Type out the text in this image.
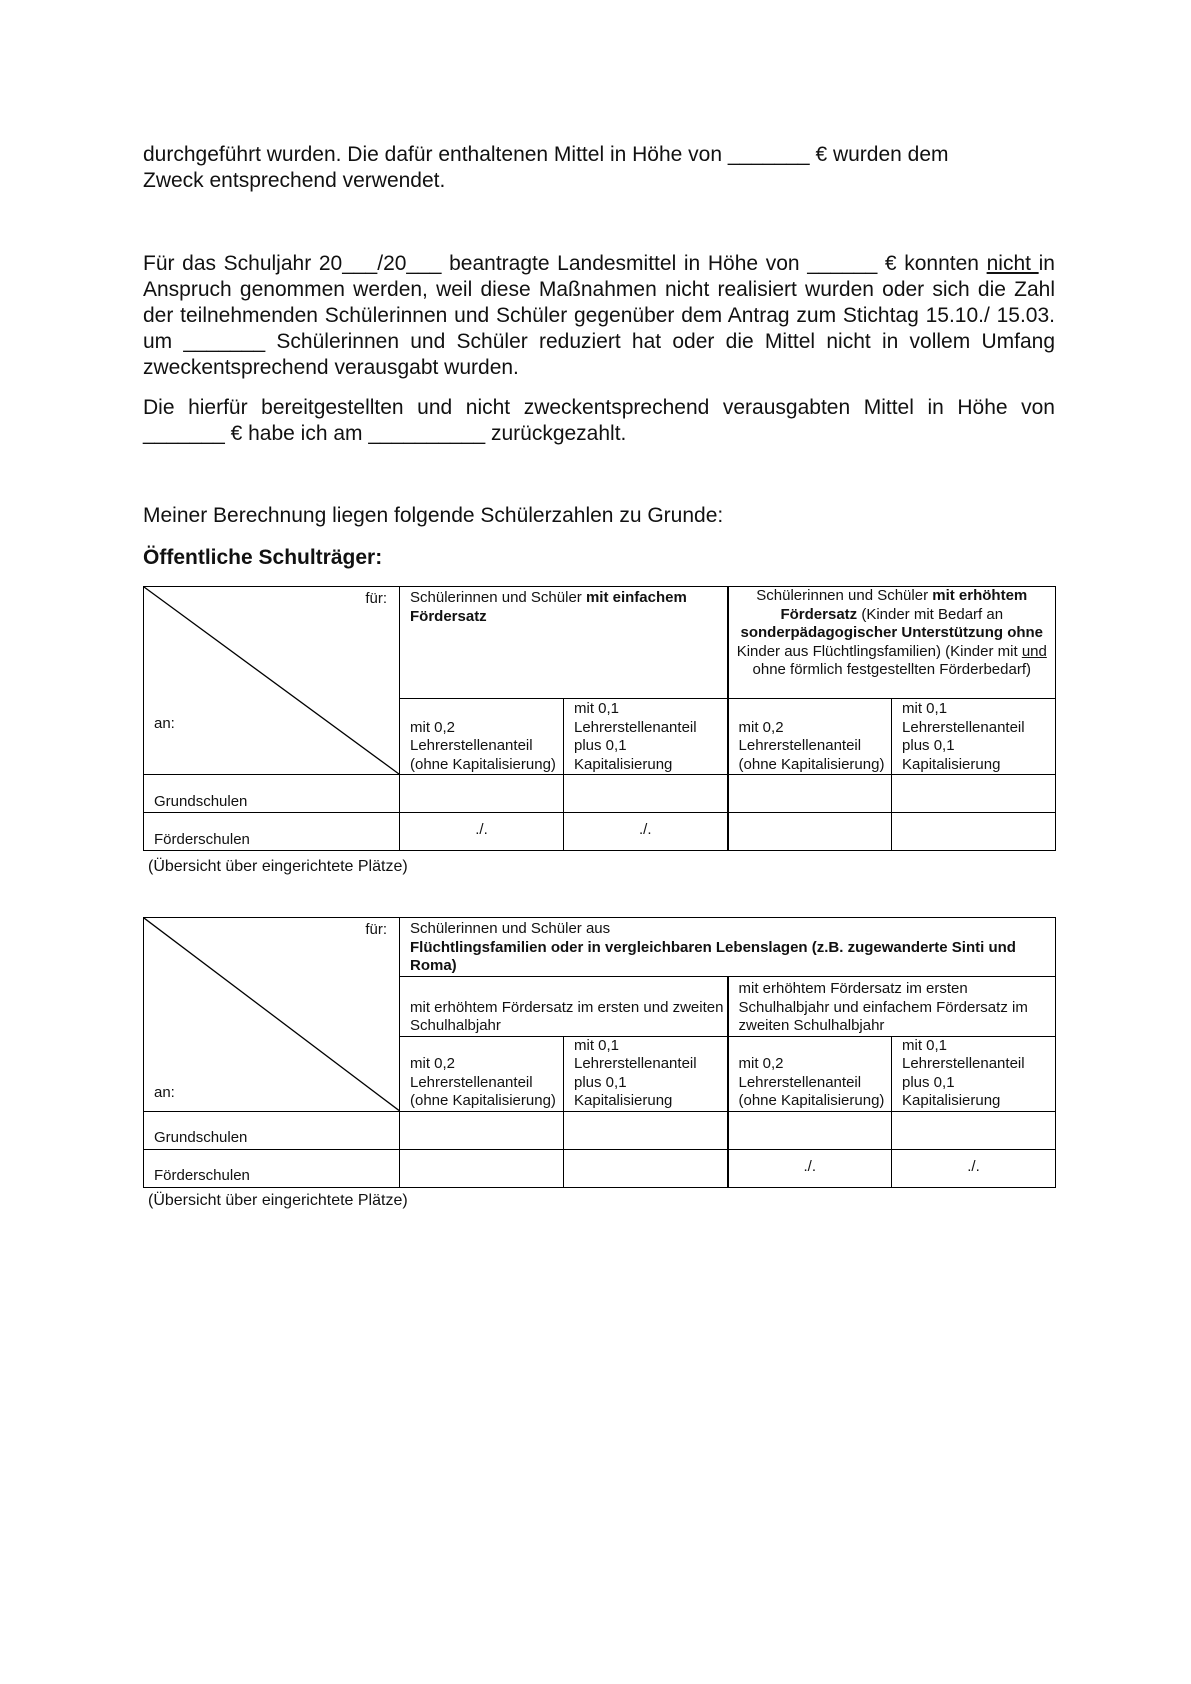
durchgeführt wurden. Die dafür enthaltenen Mittel in Höhe von _______ € wurden dem
Zweck entsprechend verwendet.

Für das Schuljahr 20___/20___ beantragte Landesmittel in Höhe von ______ € konnten nicht in Anspruch genommen werden, weil diese Maßnahmen nicht realisiert wurden oder sich die Zahl der teilnehmenden Schülerinnen und Schüler gegenüber dem Antrag zum Stichtag 15.10./ 15.03. um _______ Schülerinnen und Schüler reduziert hat oder die Mittel nicht in vollem Umfang zweckentsprechend verausgabt wurden.

Die hierfür bereitgestellten und nicht zweckentsprechend verausgabten Mittel in Höhe von _______ € habe ich am __________ zurückgezahlt.

Meiner Berechnung liegen folgende Schülerzahlen zu Grunde:

Öffentliche Schulträger:

für:
an:	Schülerinnen und Schüler mit einfachem Fördersatz		Schülerinnen und Schüler mit erhöhtem Fördersatz (Kinder mit Bedarf an sonderpädagogischer Unterstützung ohne Kinder aus Flüchtlingsfamilien) (Kinder mit und ohne förmlich festgestellten Förderbedarf)	
	mit 0,2 Lehrerstellenanteil (ohne Kapitalisierung)	mit 0,1 Lehrerstellenanteil plus 0,1 Kapitalisierung	mit 0,2 Lehrerstellenanteil (ohne Kapitalisierung)	mit 0,1 Lehrerstellenanteil plus 0,1 Kapitalisierung
Grundschulen				
Förderschulen	./.	./.		
(Übersicht über eingerichtete Plätze)
für:
an:	Schülerinnen und Schüler aus
Flüchtlingsfamilien oder in vergleichbaren Lebenslagen (z.B. zugewanderte Sinti und Roma)			
	mit erhöhtem Fördersatz im ersten und zweiten Schulhalbjahr		mit erhöhtem Fördersatz im ersten Schulhalbjahr und einfachem Fördersatz im zweiten Schulhalbjahr	
	mit 0,2 Lehrerstellenanteil (ohne Kapitalisierung)	mit 0,1 Lehrerstellenanteil plus 0,1 Kapitalisierung	mit 0,2 Lehrerstellenanteil (ohne Kapitalisierung)	mit 0,1 Lehrerstellenanteil plus 0,1 Kapitalisierung
Grundschulen				
Förderschulen			./.	./.
(Übersicht über eingerichtete Plätze)
